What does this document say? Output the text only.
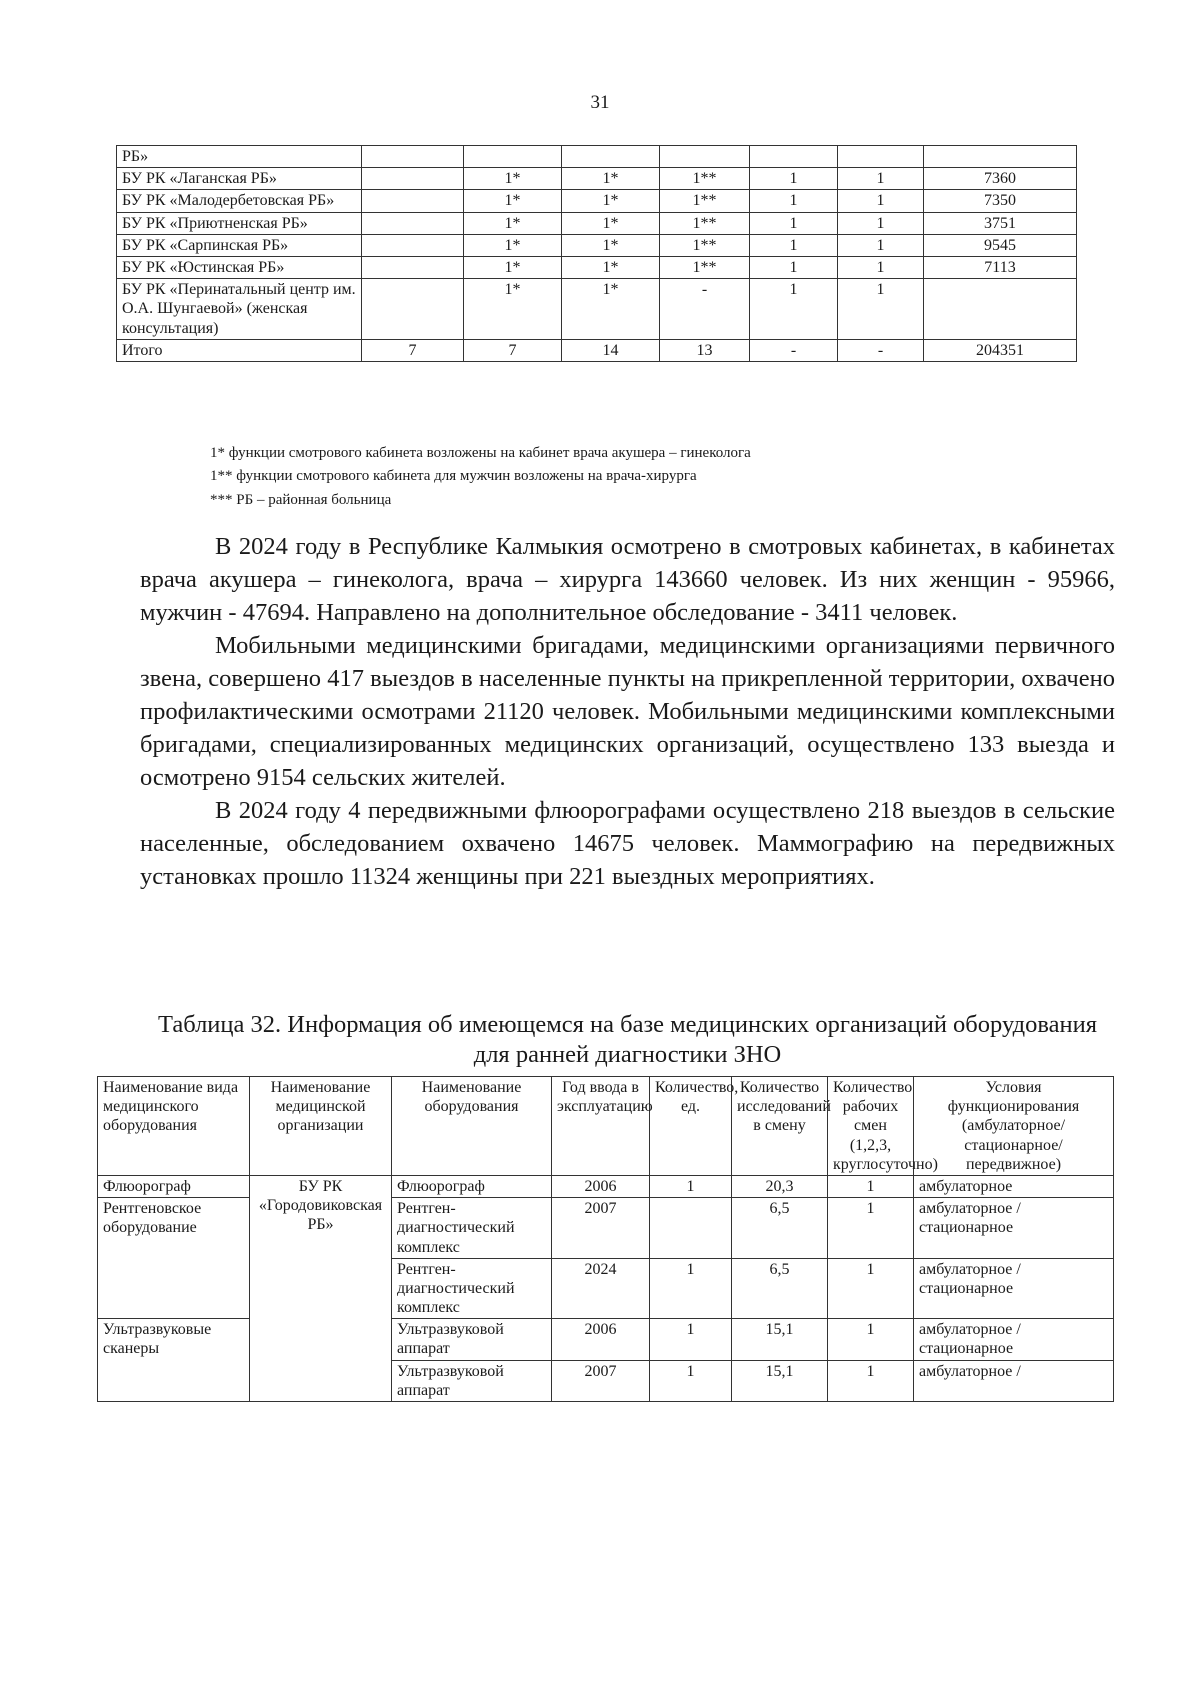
31
РБ»							
БУ РК «Лаганская РБ»		1*	1*	1**	1	1	7360
БУ РК «Малодербетовская РБ»		1*	1*	1**	1	1	7350
БУ РК «Приютненская РБ»		1*	1*	1**	1	1	3751
БУ РК «Сарпинская РБ»		1*	1*	1**	1	1	9545
БУ РК «Юстинская РБ»		1*	1*	1**	1	1	7113
БУ РК «Перинатальный центр им. О.А. Шунгаевой» (женская консультация)		1*	1*	-	1	1	
Итого	7	7	14	13	-	-	204351
1* функции смотрового кабинета возложены на кабинет врача акушера – гинеколога
1** функции смотрового кабинета для мужчин возложены на врача-хирурга
*** РБ – районная больница

В 2024 году в Республике Калмыкия осмотрено в смотровых кабинетах, в кабинетах врача акушера – гинеколога, врача – хирурга 143660 человек. Из них женщин - 95966, мужчин - 47694. Направлено на дополнительное обследование - 3411 человек.

Мобильными медицинскими бригадами, медицинскими организациями первичного звена, совершено 417 выездов в населенные пункты на прикрепленной территории, охвачено профилактическими осмотрами 21120 человек. Мобильными медицинскими комплексными бригадами, специализированных медицинских организаций, осуществлено 133 выезда и осмотрено 9154 сельских жителей.

В 2024 году 4 передвижными флюорографами осуществлено 218 выездов в сельские населенные, обследованием охвачено 14675 человек. Маммографию на передвижных установках прошло 11324 женщины при 221 выездных мероприятиях.

Таблица 32. Информация об имеющемся на базе медицинских организаций оборудования для ранней диагностики ЗНО
Наименование вида медицинского оборудования	Наименование медицинской организации	Наименование оборудования	Год ввода в эксплуатацию	Количество, ед.	Количество исследований в смену	Количество рабочих смен (1,2,3, круглосуточно)	Условия функционирования (амбулаторное/ стационарное/ передвижное)
Флюорограф	БУ РК «Городовиковская РБ»	Флюорограф	2006	1	20,3	1	амбулаторное
Рентгеновское оборудование		Рентген-диагностический комплекс	2007		6,5	1	амбулаторное / стационарное
		Рентген-диагностический комплекс	2024	1	6,5	1	амбулаторное / стационарное
Ультразвуковые сканеры		Ультразвуковой аппарат	2006	1	15,1	1	амбулаторное / стационарное
		Ультразвуковой аппарат	2007	1	15,1	1	амбулаторное /
